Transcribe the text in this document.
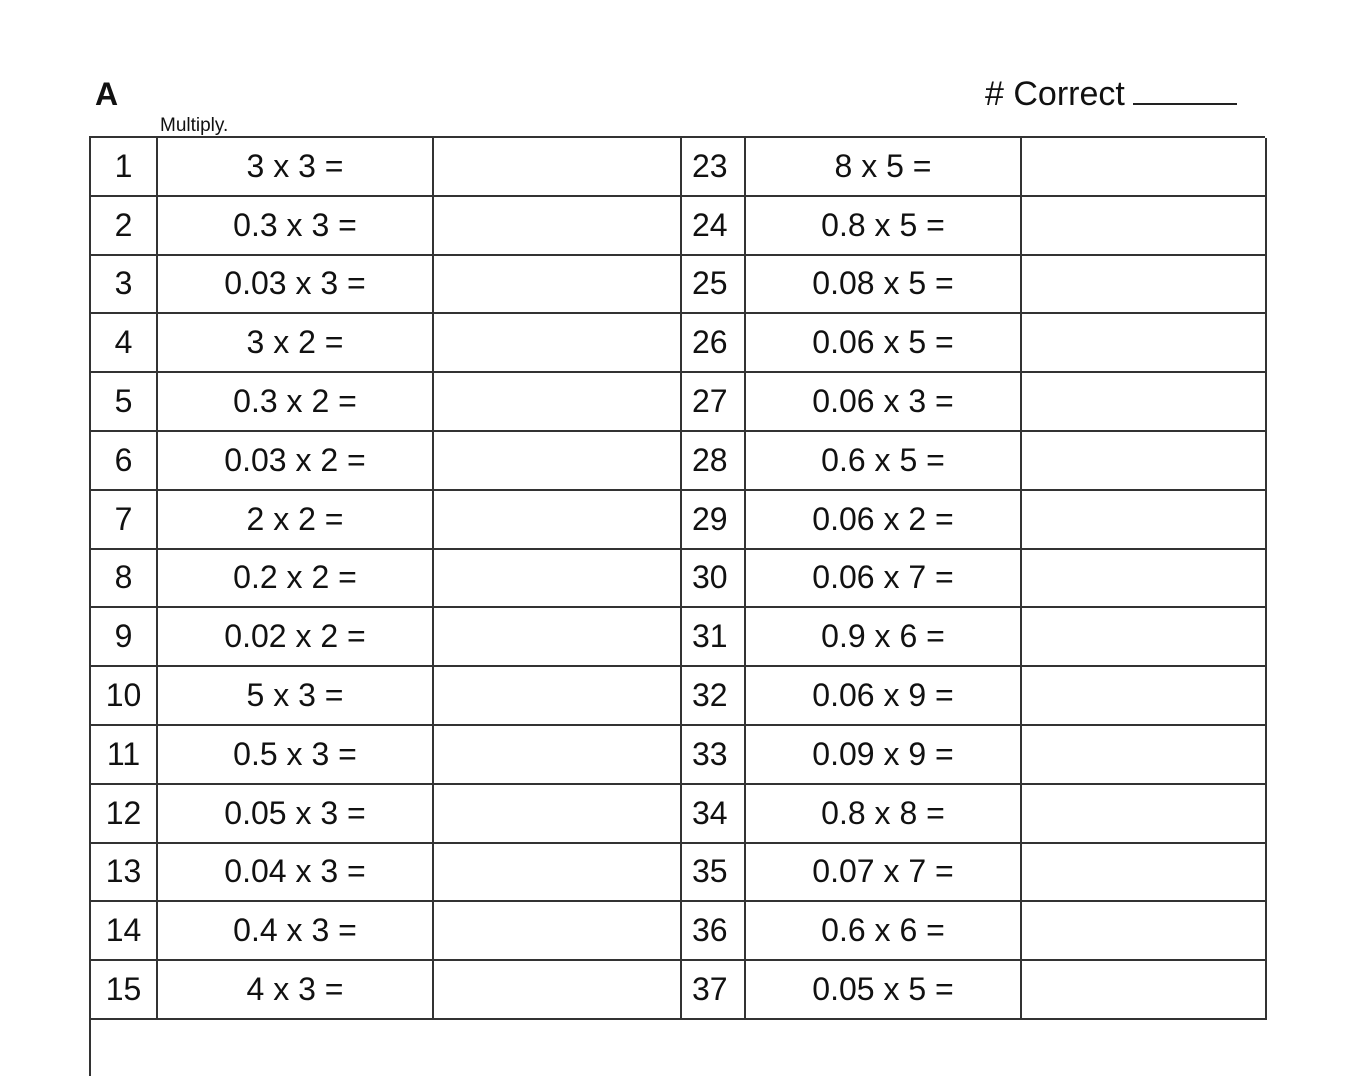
A	# Correct
Multiply.
1	3 x 3 =	23	8 x 5 =
2	0.3 x 3 =	24	0.8 x 5 =
3	0.03 x 3 =	25	0.08 x 5 =
4	3 x 2 =	26	0.06 x 5 =
5	0.3 x 2 =	27	0.06 x 3 =
6	0.03 x 2 =	28	0.6 x 5 =
7	2 x 2 =	29	0.06 x 2 =
8	0.2 x 2 =	30	0.06 x 7 =
9	0.02 x 2 =	31	0.9 x 6 =
10	5 x 3 =	32	0.06 x 9 =
11	0.5 x 3 =	33	0.09 x 9 =
12	0.05 x 3 =	34	0.8 x 8 =
13	0.04 x 3 =	35	0.07 x 7 =
14	0.4 x 3 =	36	0.6 x 6 =
15	4 x 3 =	37	0.05 x 5 =
